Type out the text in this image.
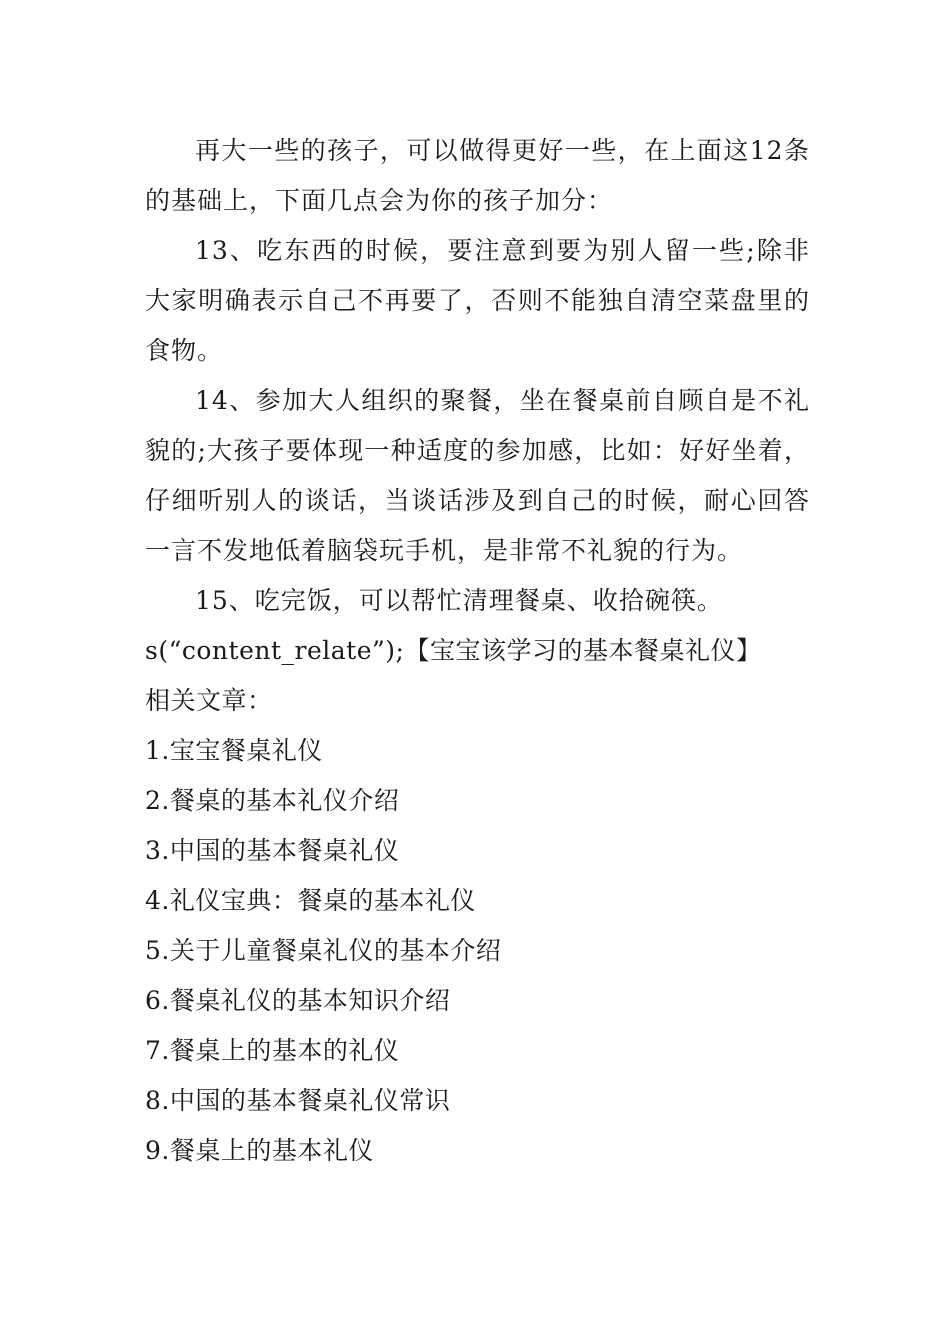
再大一些的孩子，可以做得更好一些，在上面这12条的基础上，下面几点会为你的孩子加分：

13、吃东西的时候，要注意到要为别人留一些;除非大家明确表示自己不再要了，否则不能独自清空菜盘里的食物。

14、参加大人组织的聚餐，坐在餐桌前自顾自是不礼貌的;大孩子要体现一种适度的参加感，比如：好好坐着，仔细听别人的谈话，当谈话涉及到自己的时候，耐心回答一言不发地低着脑袋玩手机，是非常不礼貌的行为。

15、吃完饭，可以帮忙清理餐桌、收拾碗筷。

s(“content_relate”);【宝宝该学习的基本餐桌礼仪】

相关文章：

1.宝宝餐桌礼仪
2.餐桌的基本礼仪介绍
3.中国的基本餐桌礼仪
4.礼仪宝典：餐桌的基本礼仪
5.关于儿童餐桌礼仪的基本介绍
6.餐桌礼仪的基本知识介绍
7.餐桌上的基本的礼仪
8.中国的基本餐桌礼仪常识
9.餐桌上的基本礼仪
